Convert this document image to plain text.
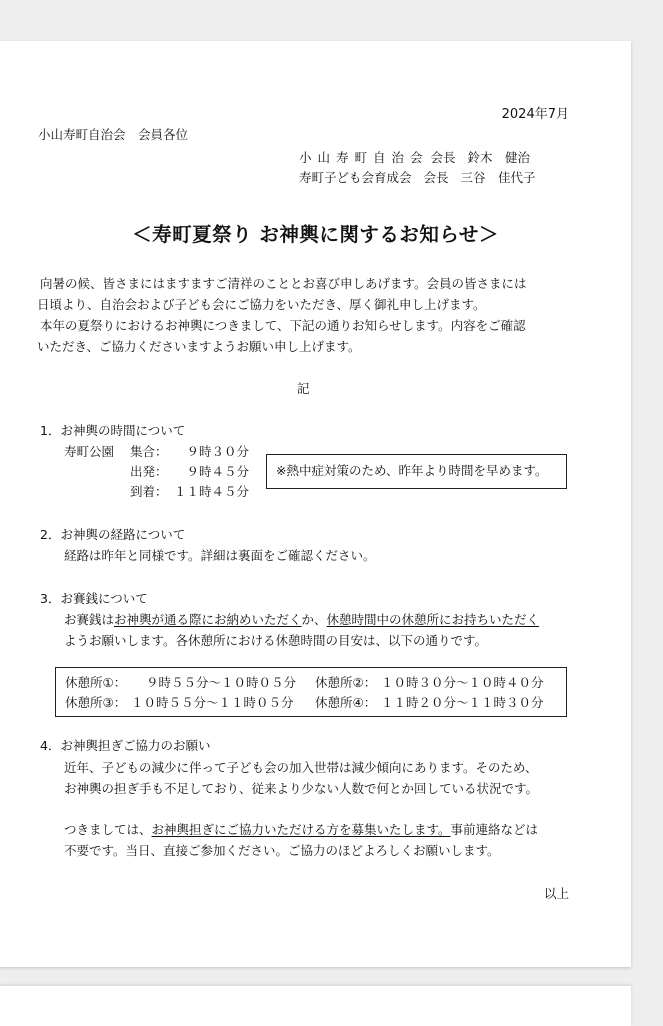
2024年7月
小山寿町自治会　会員各位
小山寿町自治会 会長 鈴木　健治
寿町子ども会育成会 会長 三谷　佳代子
＜寿町夏祭り お神輿に関するお知らせ＞
向暑の候、皆さまにはますますご清祥のこととお喜び申しあげます。会員の皆さまには
日頃より、自治会および子ども会にご協力をいただき、厚く御礼申し上げます。
本年の夏祭りにおけるお神輿につきまして、下記の通りお知らせします。内容をご確認
いただき、ご協力くださいますようお願い申し上げます。
記
1．お神輿の時間について
寿町公園 集合： ９時３０分
出発： ９時４５分
到着： １１時４５分
※熱中症対策のため、昨年より時間を早めます。
2．お神輿の経路について
経路は昨年と同様です。詳細は裏面をご確認ください。
3．お賽銭について
お賽銭はお神輿が通る際にお納めいただくか、休憩時間中の休憩所にお持ちいただく
ようお願いします。各休憩所における休憩時間の目安は、以下の通りです。
休憩所①： ９時５５分～１０時０５分 休憩所②： １０時３０分～１０時４０分
休憩所③： １０時５５分～１１時０５分 休憩所④： １１時２０分～１１時３０分
4．お神輿担ぎご協力のお願い
近年、子どもの減少に伴って子ども会の加入世帯は減少傾向にあります。そのため、
お神輿の担ぎ手も不足しており、従来より少ない人数で何とか回している状況です。
つきましては、お神輿担ぎにご協力いただける方を募集いたします。事前連絡などは
不要です。当日、直接ご参加ください。ご協力のほどよろしくお願いします。
以上
